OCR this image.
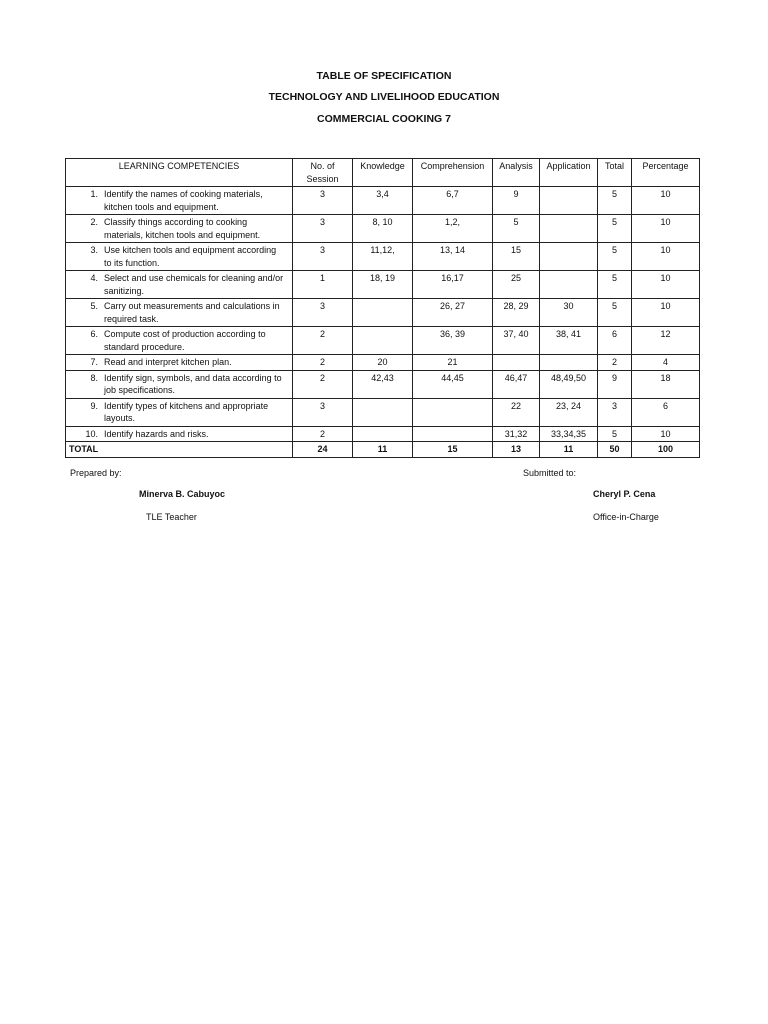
TABLE OF SPECIFICATION
TECHNOLOGY AND LIVELIHOOD EDUCATION
COMMERCIAL COOKING 7
LEARNING COMPETENCIES	No. of Session	Knowledge	Comprehension	Analysis	Application	Total	Percentage
1. Identify the names of cooking materials, kitchen tools and equipment.	3	3,4	6,7	9		5	10
2. Classify things according to cooking materials, kitchen tools and equipment.	3	8, 10	1,2,	5		5	10
3. Use kitchen tools and equipment according to its function.	3	11,12,	13, 14	15		5	10
4. Select and use chemicals for cleaning and/or sanitizing.	1	18, 19	16,17	25		5	10
5. Carry out measurements and calculations in required task.	3		26, 27	28, 29	30	5	10
6. Compute cost of production according to standard procedure.	2		36, 39	37, 40	38, 41	6	12
7. Read and interpret kitchen plan.	2	20	21			2	4
8. Identify sign, symbols, and data according to job specifications.	2	42,43	44,45	46,47	48,49,50	9	18
9. Identify types of kitchens and appropriate layouts.	3			22	23, 24	3	6
10. Identify hazards and risks.	2			31,32	33,34,35	5	10
TOTAL	24	11	15	13	11	50	100
Prepared by:
Minerva B. Cabuyoc
TLE Teacher
Submitted to:
Cheryl P. Cena
Office-in-Charge
